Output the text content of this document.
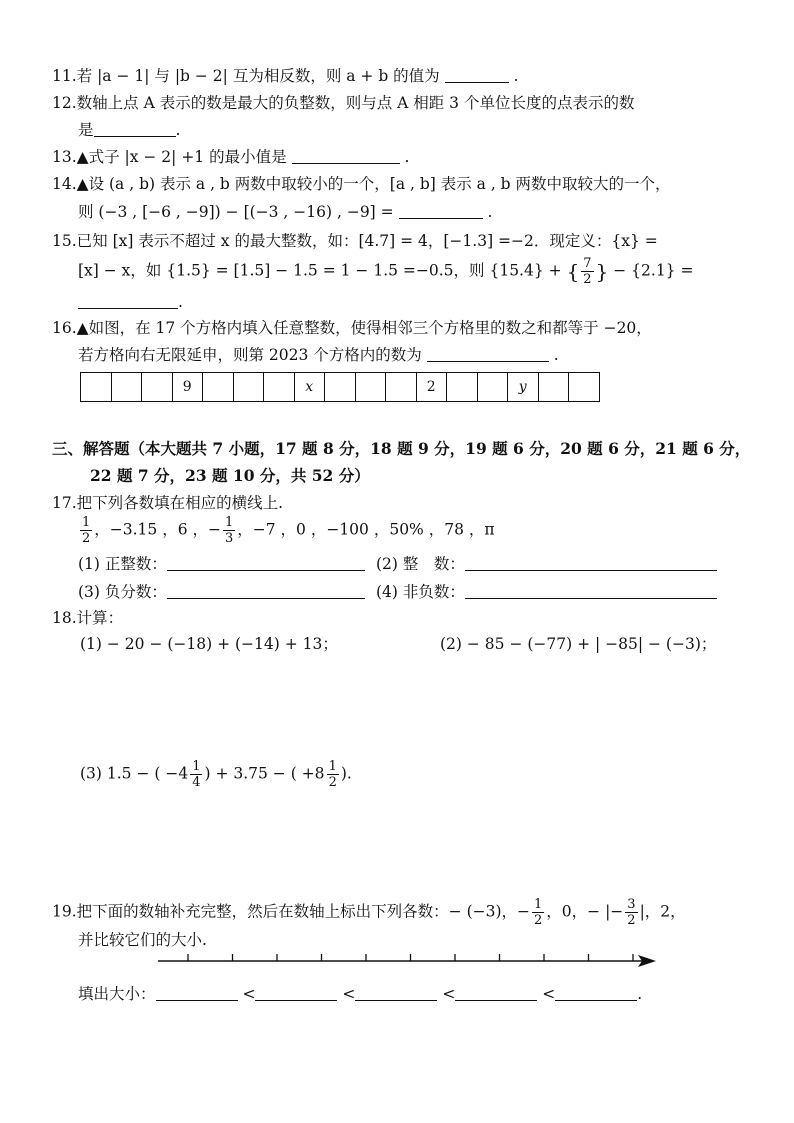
11.若 |a − 1| 与 |b − 2| 互为相反数，则 a + b 的值为	.
12.数轴上点 A 表示的数是最大的负整数，则与点 A 相距 3 个单位长度的点表示的数
是	.
13.▲式子 |x − 2| +1 的最小值是	.
14.▲设 (a , b) 表示 a , b 两数中取较小的一个，[a , b] 表示 a , b 两数中取较大的一个，
则 (−3 , [−6 , −9]) − [(−3 , −16) , −9] =	.
15.已知 [x] 表示不超过 x 的最大整数，如：[4.7] = 4，[−1.3] =−2．现定义：{x} =
[x] − x，如 {1.5} = [1.5] − 1.5 = 1 − 1.5 =−0.5，则 {15.4} + { $\frac{7}{2}$ } − {2.1} =
.
16.▲如图，在 17 个方格内填入任意整数，使得相邻三个方格里的数之和都等于 −20，
若方格向右无限延申，则第 2023 个方格内的数为	.
9	x	2	y
三、解答题（本大题共 7 小题，17 题 8 分，18 题 9 分，19 题 6 分，20 题 6 分，21 题 6 分，
22 题 7 分，23 题 10 分，共 52 分）
17.把下列各数填在相应的横线上.
$\frac{1}{2}$ ，−3.15 ，6 ，− $\frac{1}{3}$ ，−7 ，0 ，−100 ，50% ，78 ，π
(1) 正整数：	(2) 整　数：
(3) 负分数：	(4) 非负数：
18.计算：
(1) − 20 − (−18) + (−14) + 13；	(2) − 85 − (−77) + | −85| − (−3)；
(3) 1.5 − ( $-4 \frac{1}{4}$ ) + 3.75 − ( $+8 \frac{1}{2}$ ).
19.把下面的数轴补充完整，然后在数轴上标出下列各数：− (−3)，− $\frac{1}{2}$ ，0，− |− $\frac{3}{2}$ |，2，
并比较它们的大小.
填出大小：	<	<	<	<	.
